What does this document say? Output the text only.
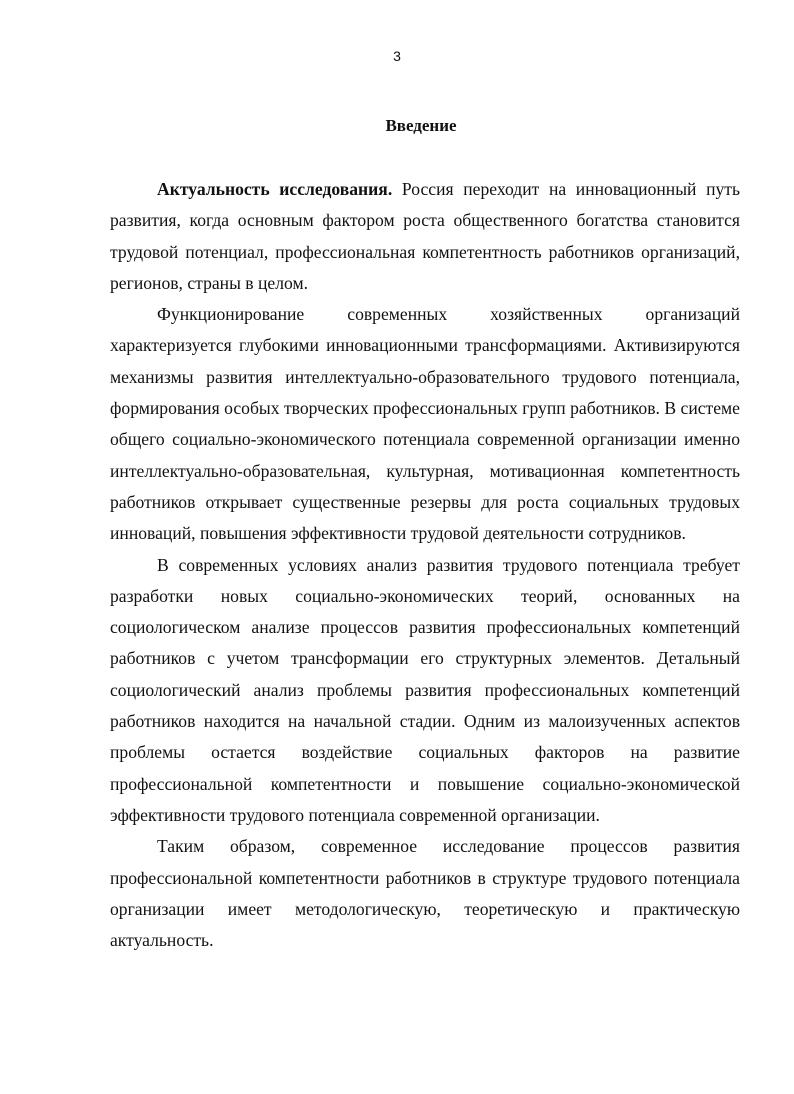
3
Введение

Актуальность исследования. Россия переходит на инновационный путь развития, когда основным фактором роста общественного богатства становится трудовой потенциал, профессиональная компетентность работников организаций, регионов, страны в целом.

Функционирование современных хозяйственных организаций характеризуется глубокими инновационными трансформациями. Активизируются механизмы развития интеллектуально-образовательного трудового потенциала, формирования особых творческих профессиональных групп работников. В системе общего социально-экономического потенциала современной организации именно интеллектуально-образовательная, культурная, мотивационная компетентность работников открывает существенные резервы для роста социальных трудовых инноваций, повышения эффективности трудовой деятельности сотрудников.

В современных условиях анализ развития трудового потенциала требует разработки новых социально-экономических теорий, основанных на социологическом анализе процессов развития профессиональных компетенций работников с учетом трансформации его структурных элементов. Детальный социологический анализ проблемы развития профессиональных компетенций работников находится на начальной стадии. Одним из малоизученных аспектов проблемы остается воздействие социальных факторов на развитие профессиональной компетентности и повышение социально-экономической эффективности трудового потенциала современной организации.

Таким образом, современное исследование процессов развития профессиональной компетентности работников в структуре трудового потенциала организации имеет методологическую, теоретическую и практическую актуальность.
